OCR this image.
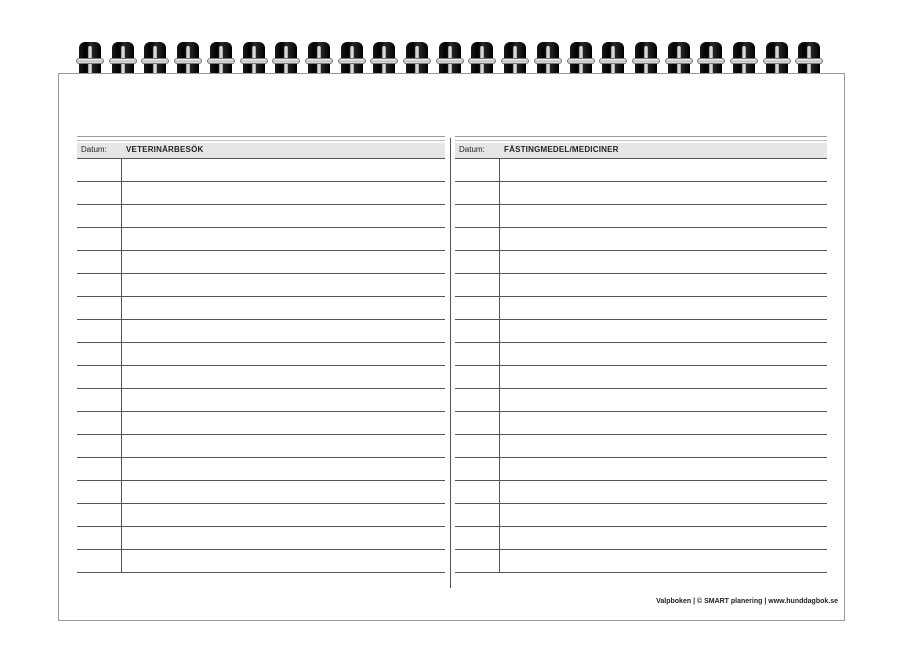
Datum: VETERINÄRBESÖK	Datum: FÄSTINGMEDEL/MEDICINER
Valpboken | © SMART planering | www.hunddagbok.se
